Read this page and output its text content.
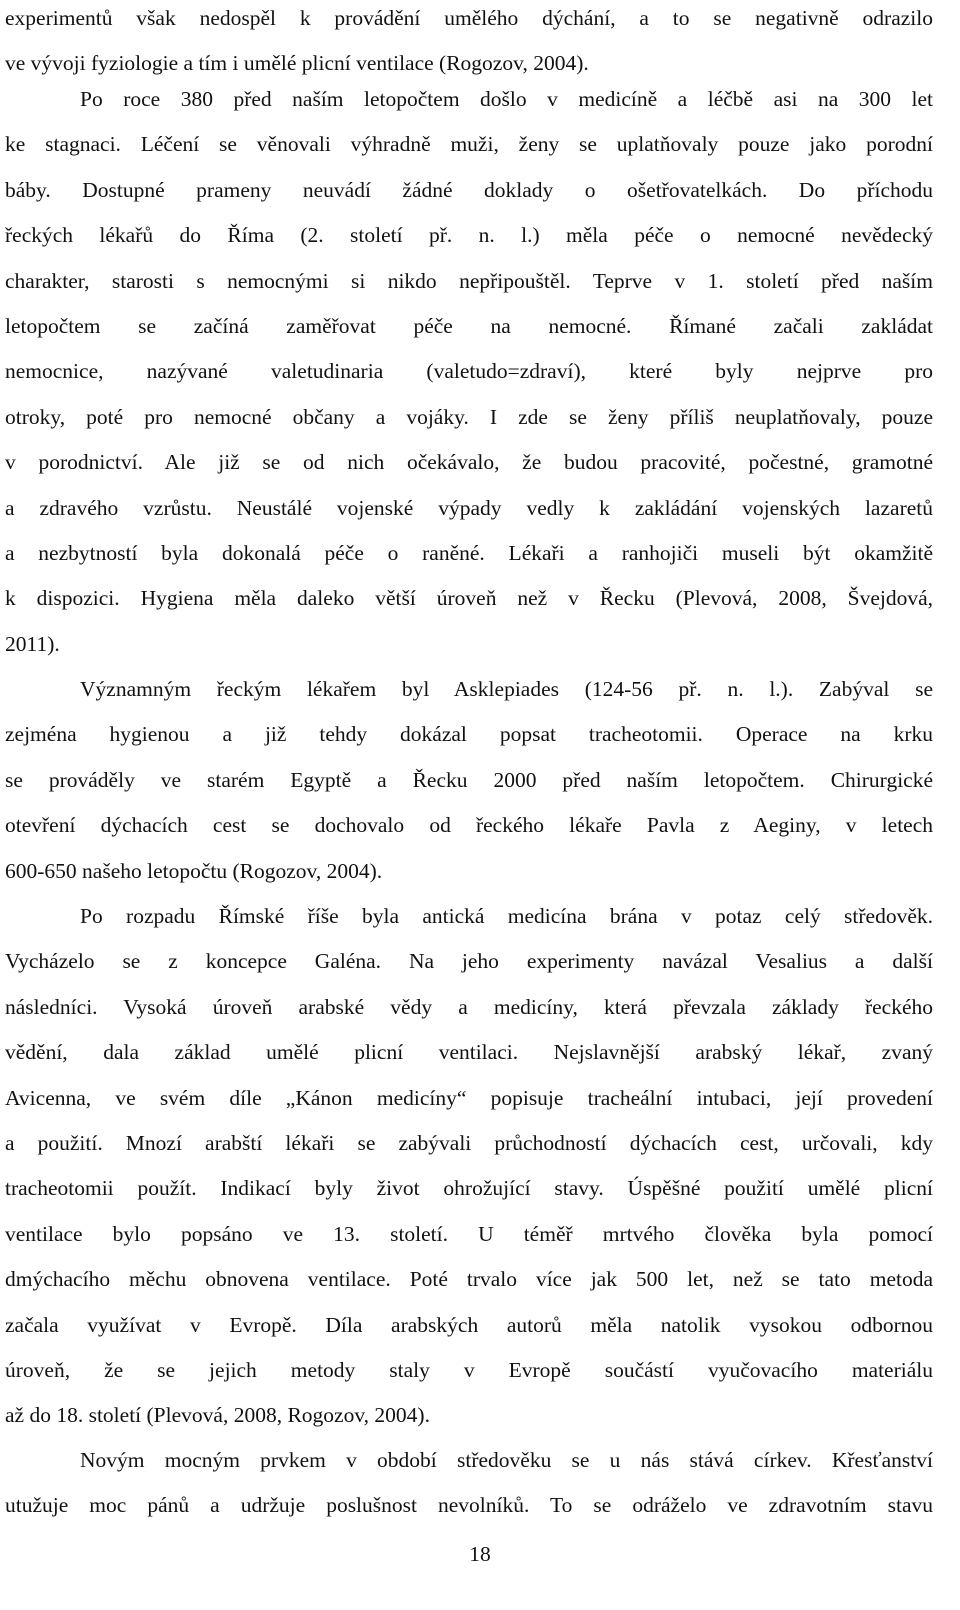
experimentů však nedospěl k provádění umělého dýchání, a to se negativně odrazilo
ve vývoji fyziologie a tím i umělé plicní ventilace (Rogozov, 2004).
Po roce 380 před naším letopočtem došlo v medicíně a léčbě asi na 300 let
ke stagnaci. Léčení se věnovali výhradně muži, ženy se uplatňovaly pouze jako porodní
báby. Dostupné prameny neuvádí žádné doklady o ošetřovatelkách. Do příchodu
řeckých lékařů do Říma (2. století př. n. l.) měla péče o nemocné nevědecký
charakter, starosti s nemocnými si nikdo nepřipouštěl. Teprve v 1. století před naším
letopočtem se začíná zaměřovat péče na nemocné. Římané začali zakládat
nemocnice, nazývané valetudinaria (valetudo=zdraví), které byly nejprve pro
otroky, poté pro nemocné občany a vojáky. I zde se ženy příliš neuplatňovaly, pouze
v porodnictví. Ale již se od nich očekávalo, že budou pracovité, počestné, gramotné
a zdravého vzrůstu. Neustálé vojenské výpady vedly k zakládání vojenských lazaretů
a nezbytností byla dokonalá péče o raněné. Lékaři a ranhojiči museli být okamžitě
k dispozici. Hygiena měla daleko větší úroveň než v Řecku (Plevová, 2008, Švejdová,
2011).
Významným řeckým lékařem byl Asklepiades (124-56 př. n. l.). Zabýval se
zejména hygienou a již tehdy dokázal popsat tracheotomii. Operace na krku
se prováděly ve starém Egyptě a Řecku 2000 před naším letopočtem. Chirurgické
otevření dýchacích cest se dochovalo od řeckého lékaře Pavla z Aeginy, v letech
600-650 našeho letopočtu (Rogozov, 2004).
Po rozpadu Římské říše byla antická medicína brána v potaz celý středověk.
Vycházelo se z koncepce Galéna. Na jeho experimenty navázal Vesalius a další
následníci. Vysoká úroveň arabské vědy a medicíny, která převzala základy řeckého
vědění, dala základ umělé plicní ventilaci. Nejslavnější arabský lékař, zvaný
Avicenna, ve svém díle „Kánon medicíny“ popisuje tracheální intubaci, její provedení
a použití. Mnozí arabští lékaři se zabývali průchodností dýchacích cest, určovali, kdy
tracheotomii použít. Indikací byly život ohrožující stavy. Úspěšné použití umělé plicní
ventilace bylo popsáno ve 13. století. U téměř mrtvého člověka byla pomocí
dmýchacího měchu obnovena ventilace. Poté trvalo více jak 500 let, než se tato metoda
začala využívat v Evropě. Díla arabských autorů měla natolik vysokou odbornou
úroveň, že se jejich metody staly v Evropě součástí vyučovacího materiálu
až do 18. století (Plevová, 2008, Rogozov, 2004).
Novým mocným prvkem v období středověku se u nás stává církev. Křesťanství
utužuje moc pánů a udržuje poslušnost nevolníků. To se odráželo ve zdravotním stavu
18
